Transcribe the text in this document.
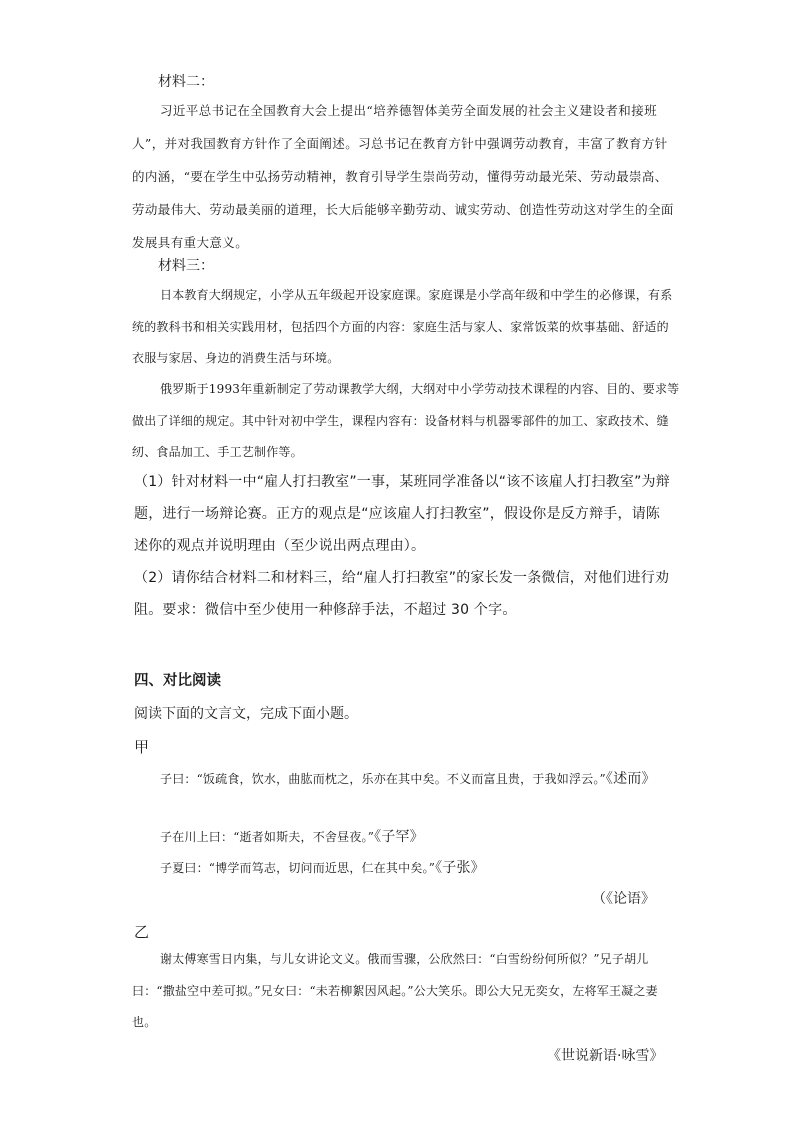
材料二：
习近平总书记在全国教育大会上提出“培养德智体美劳全面发展的社会主义建设者和接班人”，并对我国教育方针作了全面阐述。习总书记在教育方针中强调劳动教育，丰富了教育方针的内涵，“要在学生中弘扬劳动精神，教育引导学生崇尚劳动，懂得劳动最光荣、劳动最崇高、劳动最伟大、劳动最美丽的道理，长大后能够辛勤劳动、诚实劳动、创造性劳动这对学生的全面发展具有重大意义。
材料三：
日本教育大纲规定，小学从五年级起开设家庭课。家庭课是小学高年级和中学生的必修课，有系统的教科书和相关实践用材，包括四个方面的内容：家庭生活与家人、家常饭菜的炊事基础、舒适的衣服与家居、身边的消费生活与环境。
俄罗斯于1993年重新制定了劳动课教学大纲，大纲对中小学劳动技术课程的内容、目的、要求等做出了详细的规定。其中针对初中学生，课程内容有：设备材料与机器零部件的加工、家政技术、缝纫、食品加工、手工艺制作等。
（1）针对材料一中“雇人打扫教室”一事，某班同学准备以“该不该雇人打扫教室”为辩题，进行一场辩论赛。正方的观点是“应该雇人打扫教室”，假设你是反方辩手，请陈述你的观点并说明理由（至少说出两点理由）。
（2）请你结合材料二和材料三，给“雇人打扫教室”的家长发一条微信，对他们进行劝阻。要求：微信中至少使用一种修辞手法，不超过 30 个字。
四、对比阅读
阅读下面的文言文，完成下面小题。
甲
子曰：“饭疏食，饮水，曲肱而枕之，乐亦在其中矣。不义而富且贵，于我如浮云。”《述而》
子在川上曰：“逝者如斯夫，不舍昼夜。”《子罕》
子夏曰：“博学而笃志，切问而近思，仁在其中矣。”《子张》
（《论语》
乙
谢太傅寒雪日内集，与儿女讲论文义。俄而雪骤，公欣然曰：“白雪纷纷何所似？”兄子胡儿曰：“撒盐空中差可拟。”兄女曰：“未若柳絮因风起。”公大笑乐。即公大兄无奕女，左将军王凝之妻也。
《世说新语·咏雪》
